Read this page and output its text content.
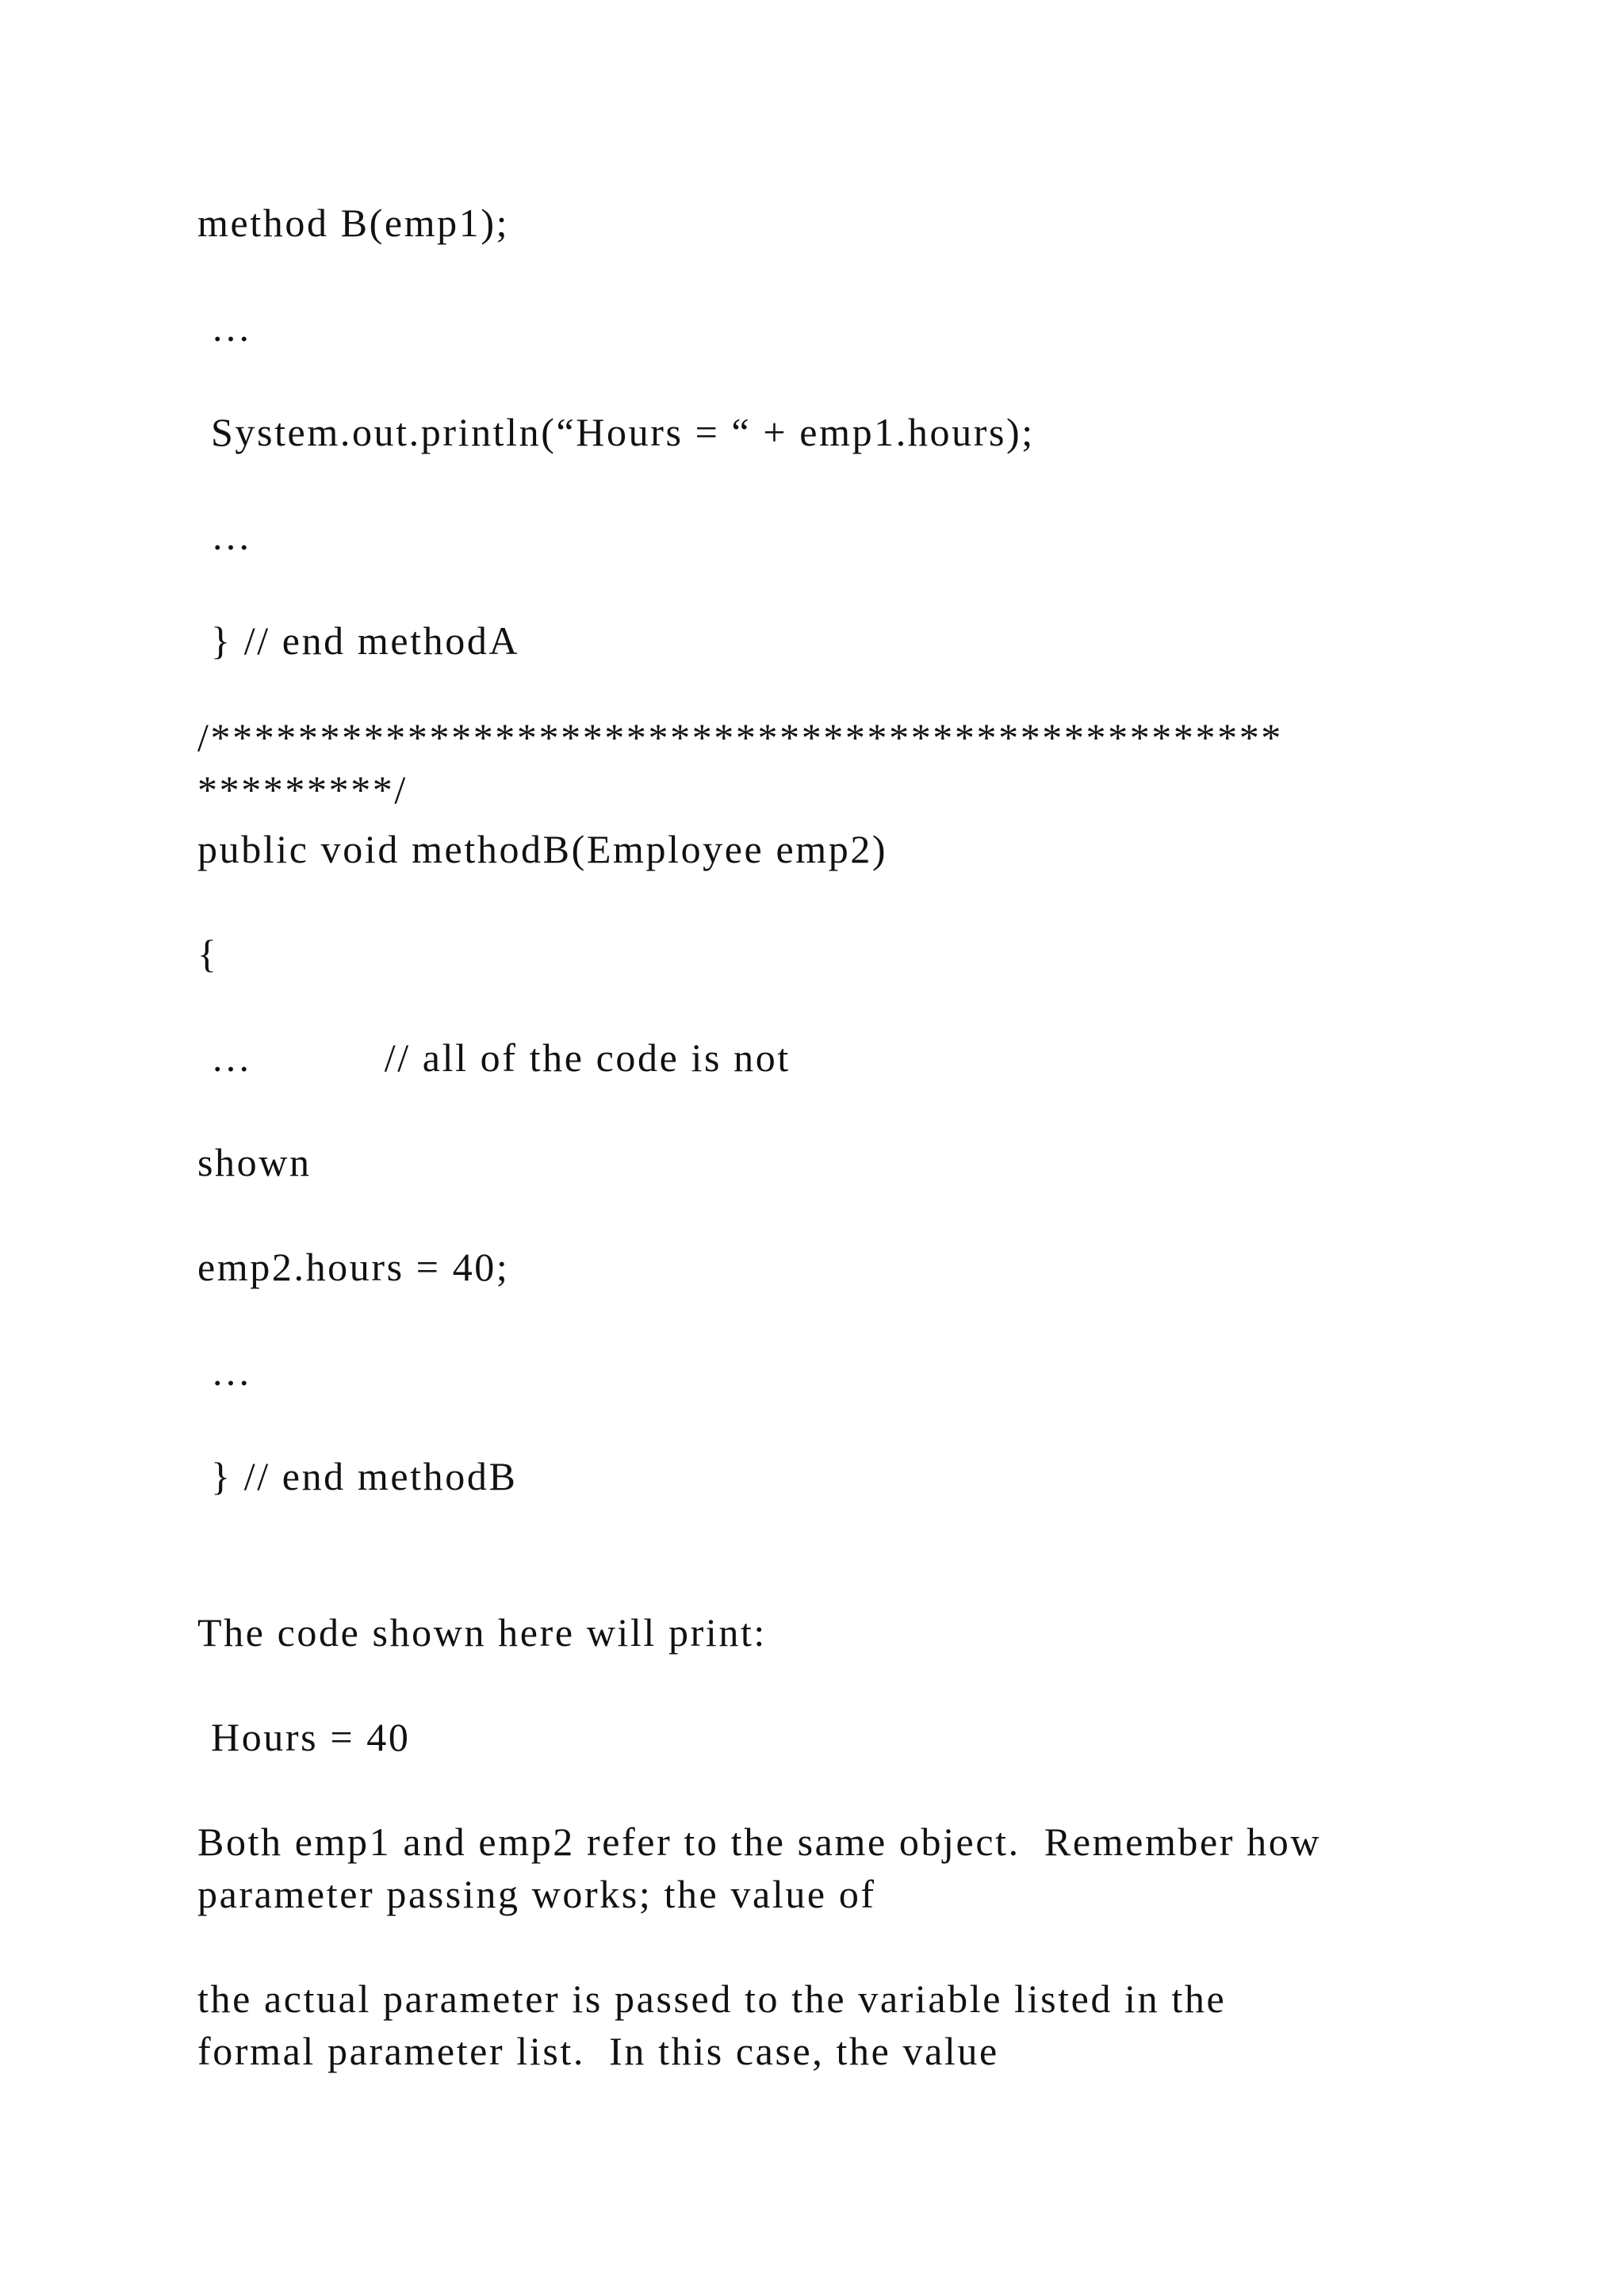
method B(emp1);

…

System.out.println(“Hours = “ + emp1.hours);

…

} // end methodA

/*************************************************

*********/

public void methodB(Employee emp2)

{

…           // all of the code is not

shown

emp2.hours = 40;

…

} // end methodB

The code shown here will print:

Hours = 40

Both emp1 and emp2 refer to the same object.  Remember how

parameter passing works; the value of

the actual parameter is passed to the variable listed in the

formal parameter list.  In this case, the value
